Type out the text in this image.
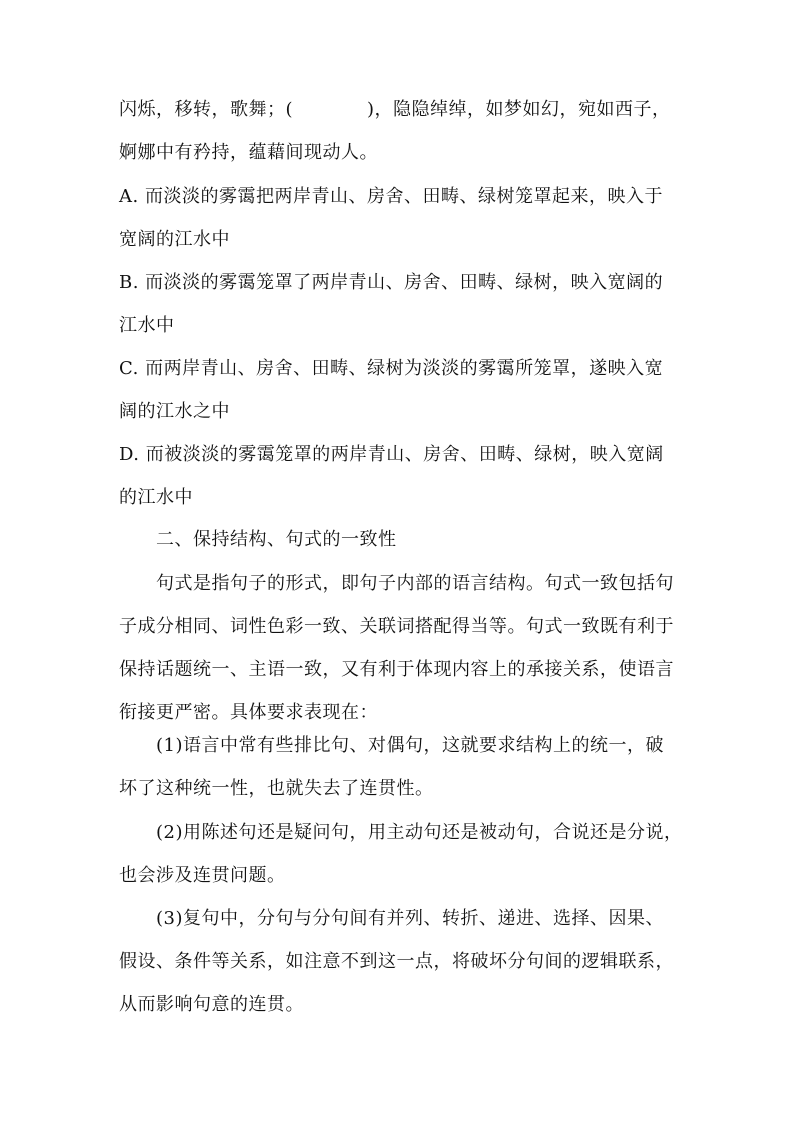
闪烁，移转，歌舞；(　　　　)，隐隐绰绰，如梦如幻，宛如西子，
婀娜中有矜持，蕴藉间现动人。

A. 而淡淡的雾霭把两岸青山、房舍、田畴、绿树笼罩起来，映入于
宽阔的江水中

B. 而淡淡的雾霭笼罩了两岸青山、房舍、田畴、绿树，映入宽阔的
江水中

C. 而两岸青山、房舍、田畴、绿树为淡淡的雾霭所笼罩，遂映入宽
阔的江水之中

D. 而被淡淡的雾霭笼罩的两岸青山、房舍、田畴、绿树，映入宽阔
的江水中

二、保持结构、句式的一致性

句式是指句子的形式，即句子内部的语言结构。句式一致包括句
子成分相同、词性色彩一致、关联词搭配得当等。句式一致既有利于
保持话题统一、主语一致，又有利于体现内容上的承接关系，使语言
衔接更严密。具体要求表现在：

(1)语言中常有些排比句、对偶句，这就要求结构上的统一，破
坏了这种统一性，也就失去了连贯性。

(2)用陈述句还是疑问句，用主动句还是被动句，合说还是分说，
也会涉及连贯问题。

(3)复句中，分句与分句间有并列、转折、递进、选择、因果、
假设、条件等关系，如注意不到这一点，将破坏分句间的逻辑联系，
从而影响句意的连贯。
